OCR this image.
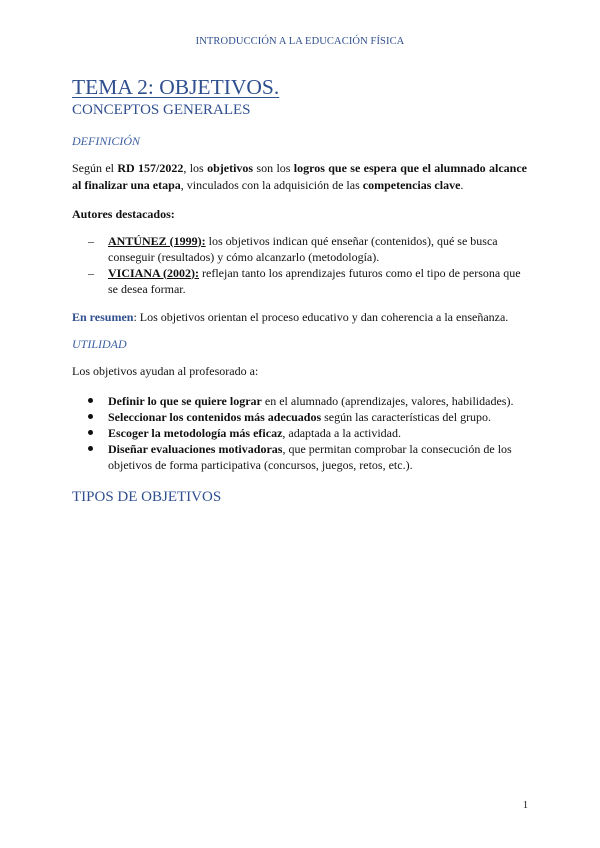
INTRODUCCIÓN A LA EDUCACIÓN FÍSICA
TEMA 2: OBJETIVOS.
CONCEPTOS GENERALES
DEFINICIÓN

Según el RD 157/2022, los objetivos son los logros que se espera que el alumnado alcance al finalizar una etapa, vinculados con la adquisición de las competencias clave.

Autores destacados:

– ANTÚNEZ (1999): los objetivos indican qué enseñar (contenidos), qué se busca conseguir (resultados) y cómo alcanzarlo (metodología).
– VICIANA (2002): reflejan tanto los aprendizajes futuros como el tipo de persona que se desea formar.

En resumen: Los objetivos orientan el proceso educativo y dan coherencia a la enseñanza.

UTILIDAD

Los objetivos ayudan al profesorado a:

Definir lo que se quiere lograr en el alumnado (aprendizajes, valores, habilidades).
Seleccionar los contenidos más adecuados según las características del grupo.
Escoger la metodología más eficaz, adaptada a la actividad.
Diseñar evaluaciones motivadoras, que permitan comprobar la consecución de los objetivos de forma participativa (concursos, juegos, retos, etc.).
TIPOS DE OBJETIVOS
1
